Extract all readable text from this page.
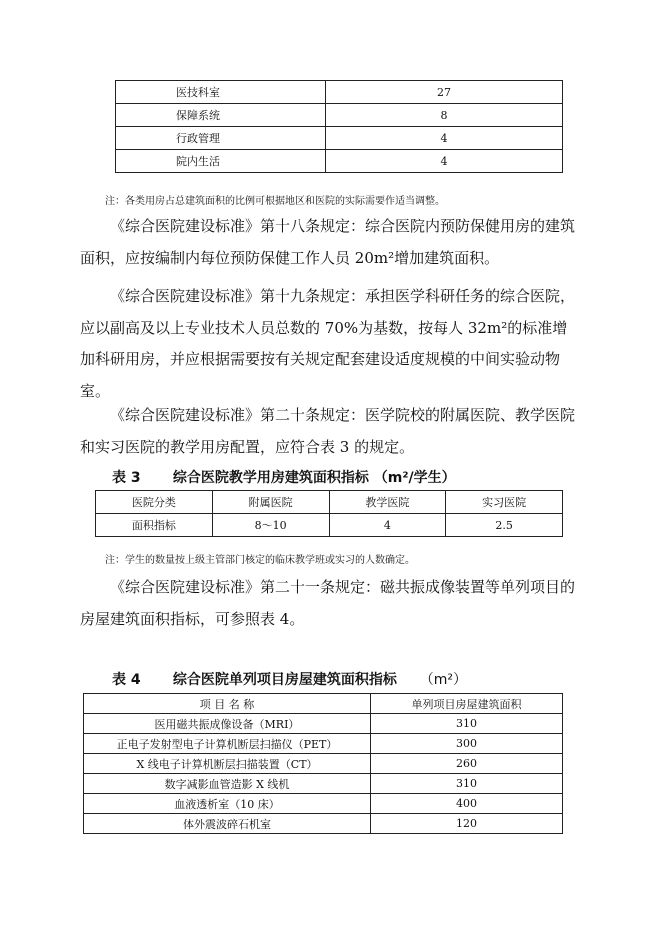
医技科室	27
保障系统	8
行政管理	4
院内生活	4
注：各类用房占总建筑面积的比例可根据地区和医院的实际需要作适当调整。

《综合医院建设标准》第十八条规定：综合医院内预防保健用房的建筑面积，应按编制内每位预防保健工作人员 20m²增加建筑面积。

《综合医院建设标准》第十九条规定：承担医学科研任务的综合医院，应以副高及以上专业技术人员总数的 70%为基数，按每人 32m²的标准增加科研用房，并应根据需要按有关规定配套建设适度规模的中间实验动物室。

《综合医院建设标准》第二十条规定：医学院校的附属医院、教学医院和实习医院的教学用房配置，应符合表 3 的规定。

表 3 综合医院教学用房建筑面积指标 （m²/学生）
医院分类	附属医院	教学医院	实习医院
面积指标	8～10	4	2.5
注：学生的数量按上级主管部门核定的临床教学班或实习的人数确定。

《综合医院建设标准》第二十一条规定：磁共振成像装置等单列项目的房屋建筑面积指标，可参照表 4。

表 4 综合医院单列项目房屋建筑面积指标 （m²）
项 目 名 称	单列项目房屋建筑面积
医用磁共振成像设备（MRI）	310
正电子发射型电子计算机断层扫描仪（PET）	300
X 线电子计算机断层扫描装置（CT）	260
数字减影血管造影 X 线机	310
血液透析室（10 床）	400
体外震波碎石机室	120
